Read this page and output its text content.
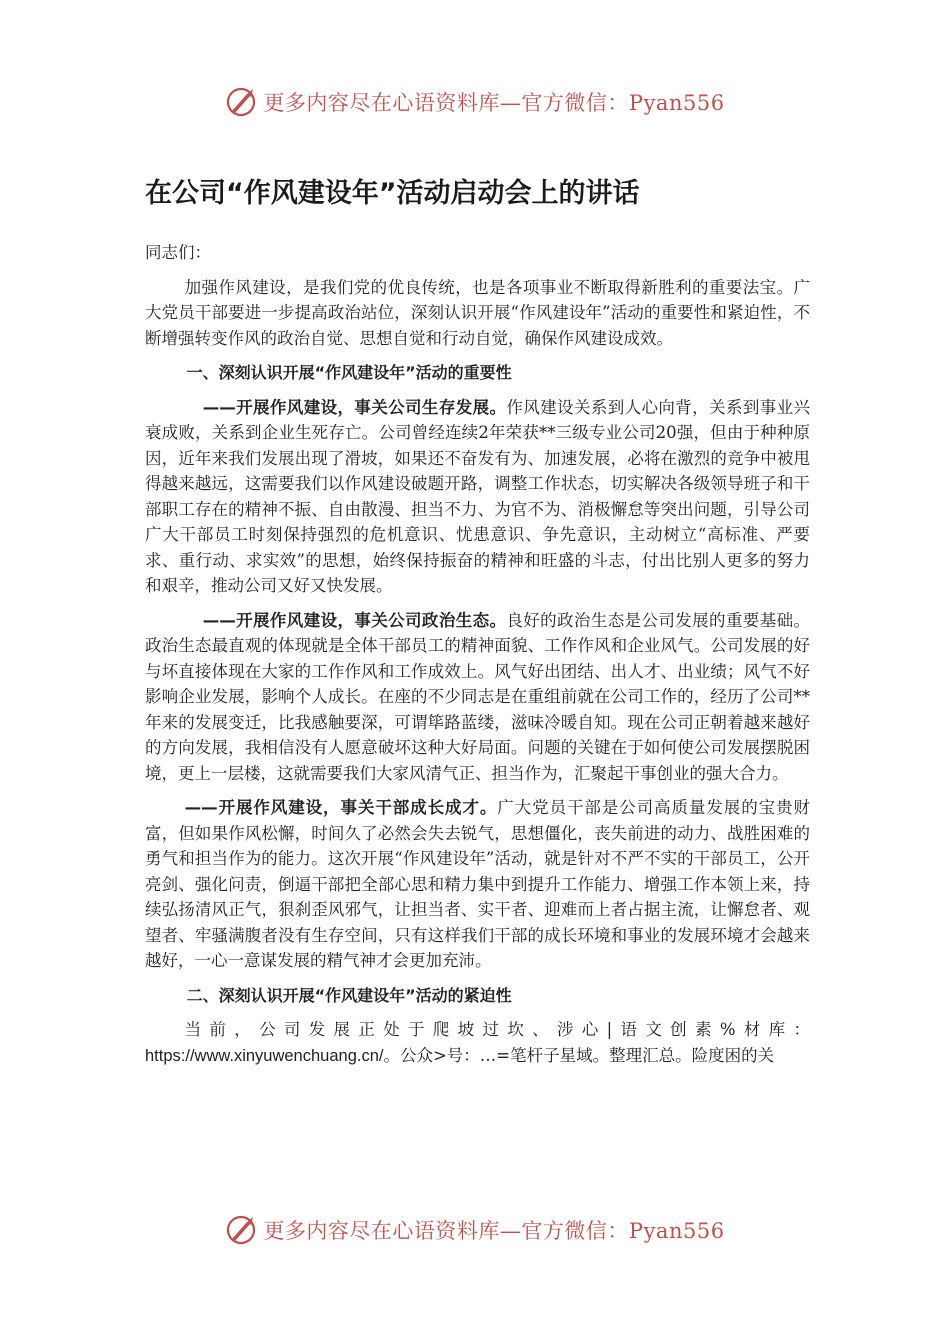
更多内容尽在心语资料库—官方微信：Pyan556
在公司“作风建设年”活动启动会上的讲话

同志们：

加强作风建设，是我们党的优良传统，也是各项事业不断取得新胜利的重要法宝。广大党员干部要进一步提高政治站位，深刻认识开展“作风建设年”活动的重要性和紧迫性，不断增强转变作风的政治自觉、思想自觉和行动自觉，确保作风建设成效。

一、深刻认识开展“作风建设年”活动的重要性

——开展作风建设，事关公司生存发展。作风建设关系到人心向背，关系到事业兴衰成败，关系到企业生死存亡。公司曾经连续2年荣获**三级专业公司20强，但由于种种原因，近年来我们发展出现了滑坡，如果还不奋发有为、加速发展，必将在激烈的竞争中被甩得越来越远，这需要我们以作风建设破题开路，调整工作状态，切实解决各级领导班子和干部职工存在的精神不振、自由散漫、担当不力、为官不为、消极懈怠等突出问题，引导公司广大干部员工时刻保持强烈的危机意识、忧患意识、争先意识，主动树立“高标准、严要求、重行动、求实效”的思想，始终保持振奋的精神和旺盛的斗志，付出比别人更多的努力和艰辛，推动公司又好又快发展。

——开展作风建设，事关公司政治生态。良好的政治生态是公司发展的重要基础。政治生态最直观的体现就是全体干部员工的精神面貌、工作作风和企业风气。公司发展的好与坏直接体现在大家的工作作风和工作成效上。风气好出团结、出人才、出业绩；风气不好影响企业发展，影响个人成长。在座的不少同志是在重组前就在公司工作的，经历了公司**年来的发展变迁，比我感触要深，可谓筚路蓝缕，滋味冷暖自知。现在公司正朝着越来越好的方向发展，我相信没有人愿意破坏这种大好局面。问题的关键在于如何使公司发展摆脱困境，更上一层楼，这就需要我们大家风清气正、担当作为，汇聚起干事创业的强大合力。

——开展作风建设，事关干部成长成才。广大党员干部是公司高质量发展的宝贵财富，但如果作风松懈，时间久了必然会失去锐气，思想僵化，丧失前进的动力、战胜困难的勇气和担当作为的能力。这次开展“作风建设年”活动，就是针对不严不实的干部员工，公开亮剑、强化问责，倒逼干部把全部心思和精力集中到提升工作能力、增强工作本领上来，持续弘扬清风正气，狠刹歪风邪气，让担当者、实干者、迎难而上者占据主流，让懈怠者、观望者、牢骚满腹者没有生存空间，只有这样我们干部的成长环境和事业的发展环境才会越来越好，一心一意谋发展的精气神才会更加充沛。

二、深刻认识开展“作风建设年”活动的紧迫性

当前，公司发展正处于爬坡过坎、涉心|语文创素%材库：https://www.xinyuwenchuang.cn/。公众>号：…=笔杆子星域。整理汇总。险度困的关

更多内容尽在心语资料库—官方微信：Pyan556
